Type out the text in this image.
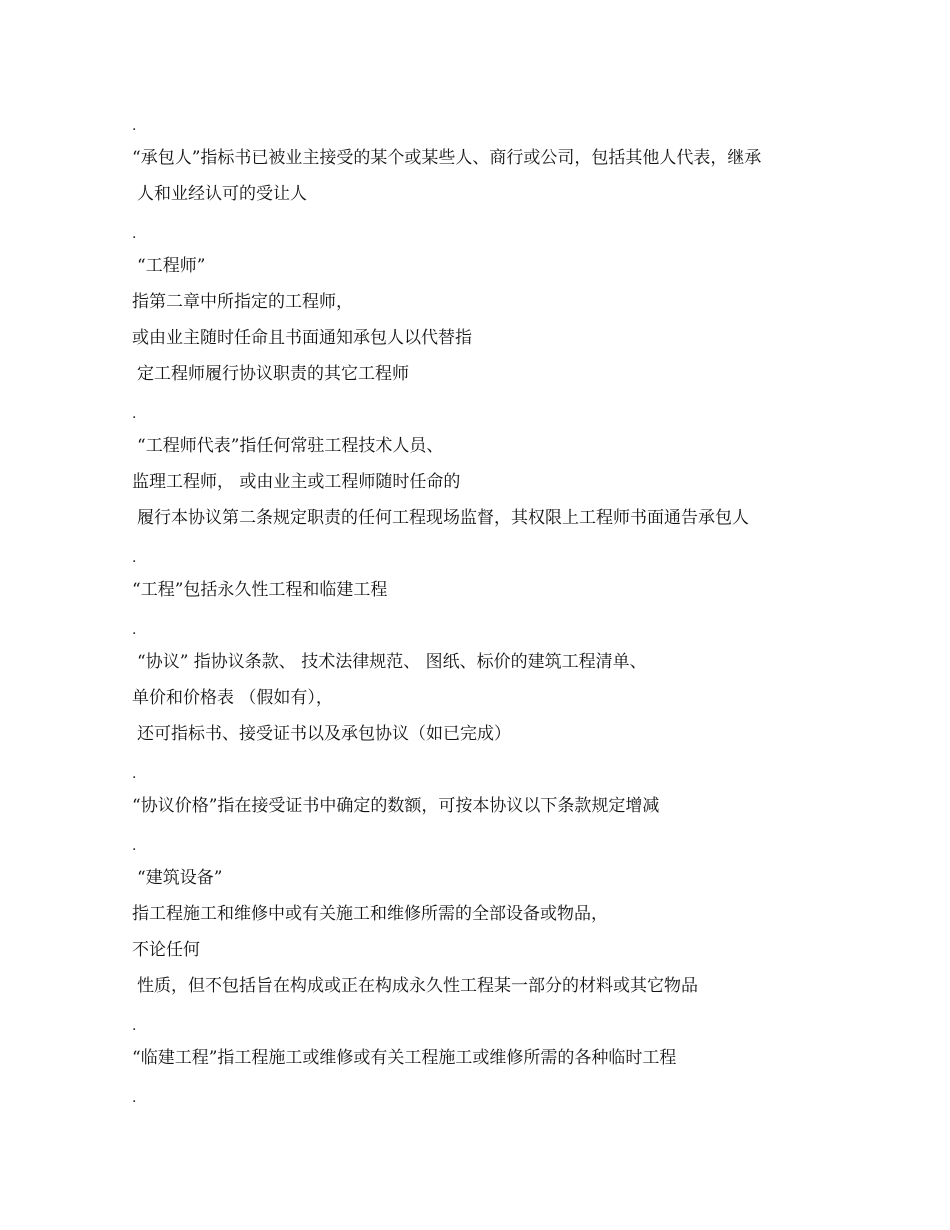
.

“承包人”指标书已被业主接受的某个或某些人、商行或公司，包括其他人代表，继承

人和业经认可的受让人

.

“工程师”

指第二章中所指定的工程师，

或由业主随时任命且书面通知承包人以代替指

定工程师履行协议职责的其它工程师

.

“工程师代表”指任何常驻工程技术人员、

监理工程师， 或由业主或工程师随时任命的

履行本协议第二条规定职责的任何工程现场监督，其权限上工程师书面通告承包人

.

“工程”包括永久性工程和临建工程

.

“协议” 指协议条款、 技术法律规范、 图纸、标价的建筑工程清单、

单价和价格表 （假如有），

还可指标书、接受证书以及承包协议（如已完成）

.

“协议价格”指在接受证书中确定的数额，可按本协议以下条款规定增减

.

“建筑设备”

指工程施工和维修中或有关施工和维修所需的全部设备或物品，

不论任何

性质，但不包括旨在构成或正在构成永久性工程某一部分的材料或其它物品

.

“临建工程”指工程施工或维修或有关工程施工或维修所需的各种临时工程

.
